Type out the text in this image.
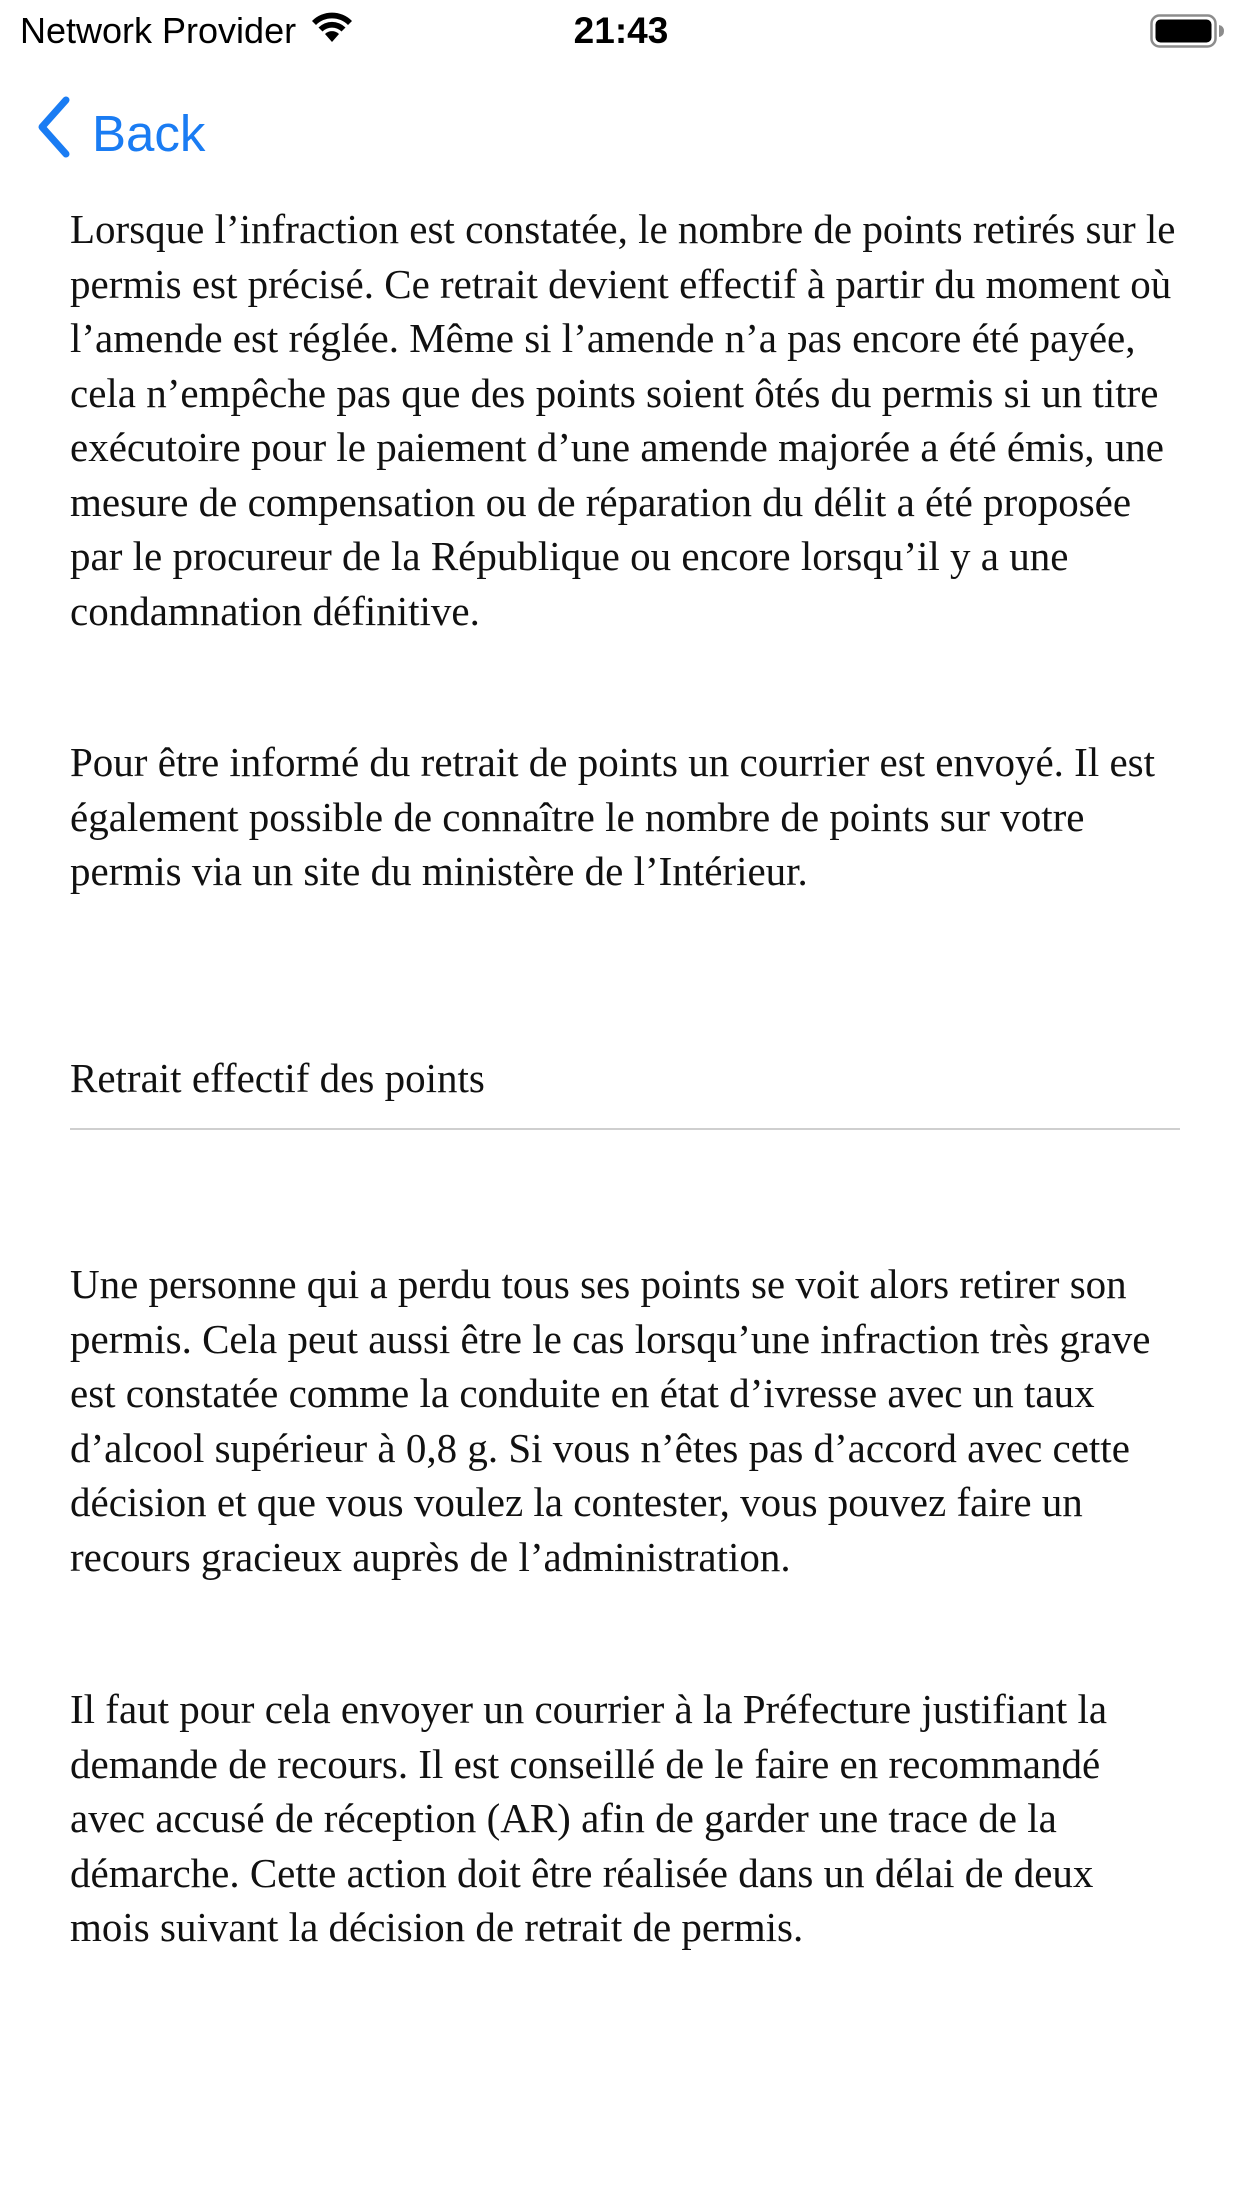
Network Provider	21:43
Back

Lorsque l’infraction est constatée, le nombre de points retirés sur le permis est précisé. Ce retrait devient effectif à partir du moment où l’amende est réglée. Même si l’amende n’a pas encore été payée, cela n’empêche pas que des points soient ôtés du permis si un titre exécutoire pour le paiement d’une amende majorée a été émis, une mesure de compensation ou de réparation du délit a été proposée par le procureur de la République ou encore lorsqu’il y a une condamnation définitive.

Pour être informé du retrait de points un courrier est envoyé. Il est également possible de connaître le nombre de points sur votre permis via un site du ministère de l’Intérieur.

Retrait effectif des points

Une personne qui a perdu tous ses points se voit alors retirer son permis. Cela peut aussi être le cas lorsqu’une infraction très grave est constatée comme la conduite en état d’ivresse avec un taux d’alcool supérieur à 0,8 g. Si vous n’êtes pas d’accord avec cette décision et que vous voulez la contester, vous pouvez faire un recours gracieux auprès de l’administration.

Il faut pour cela envoyer un courrier à la Préfecture justifiant la demande de recours. Il est conseillé de le faire en recommandé avec accusé de réception (AR) afin de garder une trace de la démarche. Cette action doit être réalisée dans un délai de deux mois suivant la décision de retrait de permis.
